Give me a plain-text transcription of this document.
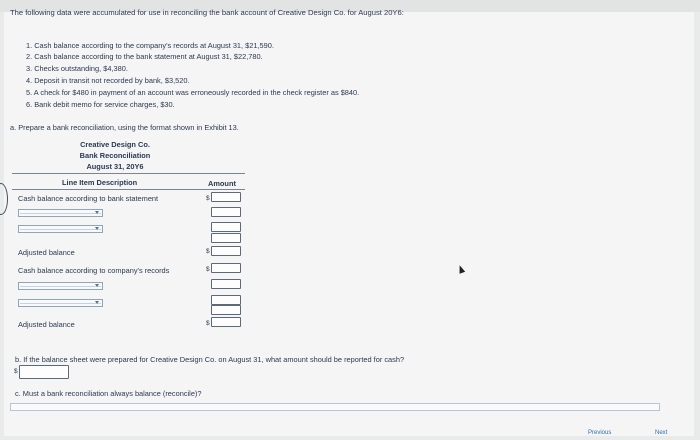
The following data were accumulated for use in reconciling the bank account of Creative Design Co. for August 20Y6:
1. Cash balance according to the company's records at August 31, $21,590.
2. Cash balance according to the bank statement at August 31, $22,780.
3. Checks outstanding, $4,380.
4. Deposit in transit not recorded by bank, $3,520.
5. A check for $480 in payment of an account was erroneously recorded in the check register as $840.
6. Bank debit memo for service charges, $30.
a. Prepare a bank reconciliation, using the format shown in Exhibit 13.
Creative Design Co.
Bank Reconciliation
August 31, 20Y6
Line Item Description	Amount
Cash balance according to bank statement	$
Adjusted balance	$
Cash balance according to company's records	$
Adjusted balance	$
b. If the balance sheet were prepared for Creative Design Co. on August 31, what amount should be reported for cash?
$
c. Must a bank reconciliation always balance (reconcile)?
Previous	Next
